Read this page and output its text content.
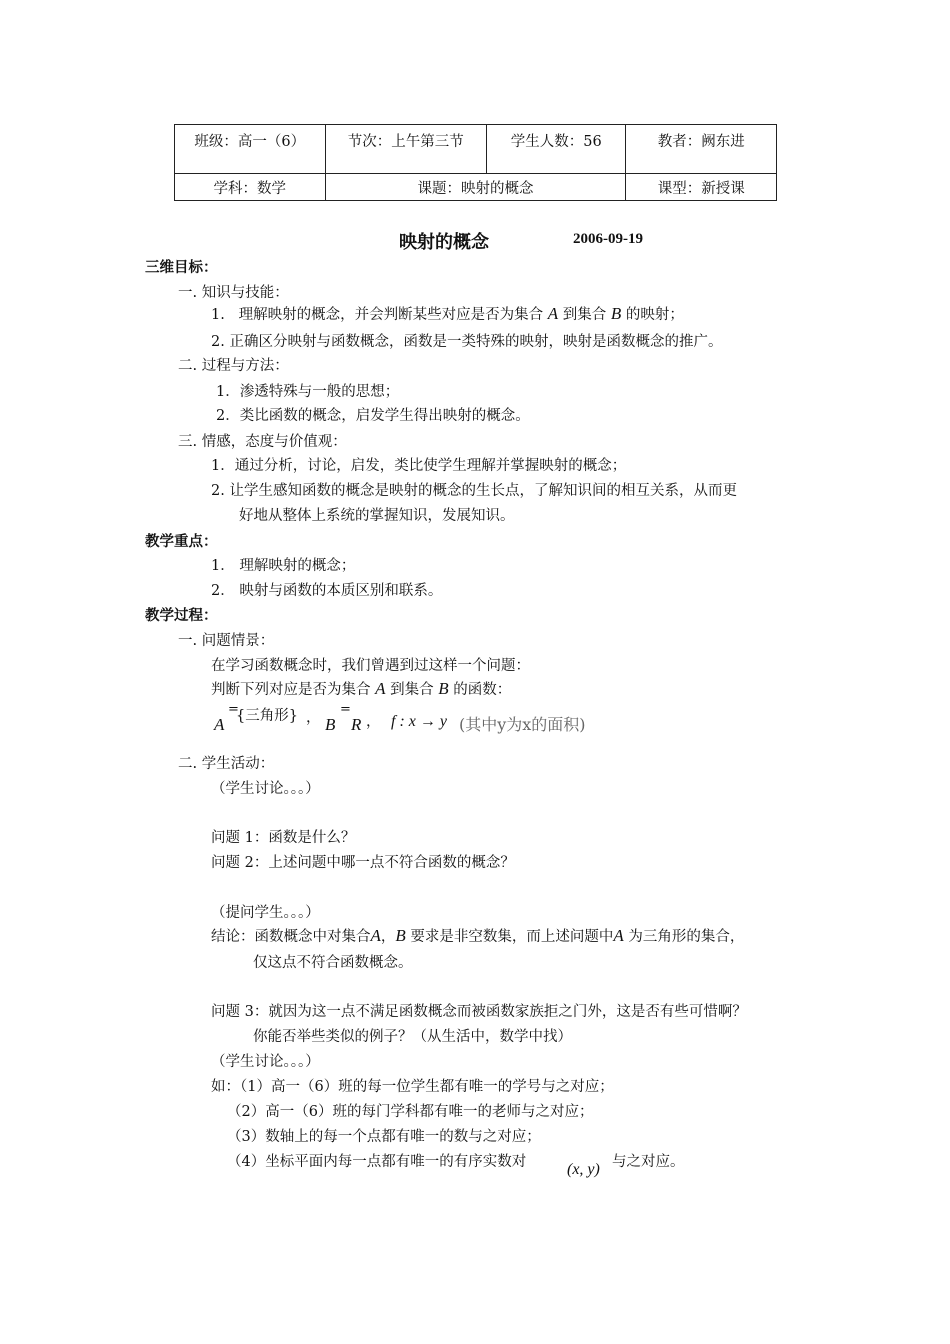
班级：高一（6）	节次：上午第三节	学生人数：56	教者：阙东进

学科：数学	课题：映射的概念		课型：新授课
映射的概念	2006-09-19
三维目标：
一. 知识与技能：
1. 理解映射的概念，并会判断某些对应是否为集合 A 到集合 B 的映射；
2. 正确区分映射与函数概念，函数是一类特殊的映射，映射是函数概念的推广。
二. 过程与方法：
1．渗透特殊与一般的思想；
2．类比函数的概念，启发学生得出映射的概念。
三. 情感，态度与价值观：
1．通过分析，讨论，启发，类比使学生理解并掌握映射的概念；
2. 让学生感知函数的概念是映射的概念的生长点，了解知识间的相互关系，从而更
好地从整体上系统的掌握知识，发展知识。
教学重点：
1． 理解映射的概念；
2． 映射与函数的本质区别和联系。
教学过程：
一. 问题情景：
在学习函数概念时，我们曾遇到过这样一个问题：
判断下列对应是否为集合 A 到集合 B 的函数：
A
=
{三角形} ， B
=
R ， f : x → y (其中y为x的面积)
二. 学生活动：
（学生讨论。。。）
问题 1：函数是什么？
问题 2：上述问题中哪一点不符合函数的概念？
（提问学生。。。）
结论：函数概念中对集合A，B 要求是非空数集，而上述问题中A 为三角形的集合，
仅这点不符合函数概念。
问题 3：就因为这一点不满足函数概念而被函数家族拒之门外，这是否有些可惜啊？
你能否举些类似的例子？（从生活中，数学中找）
（学生讨论。。。）
如：（1）高一（6）班的每一位学生都有唯一的学号与之对应；
（2）高一（6）班的每门学科都有唯一的老师与之对应；
（3）数轴上的每一个点都有唯一的数与之对应；
（4）坐标平面内每一点都有唯一的有序实数对	(x, y) 与之对应。
